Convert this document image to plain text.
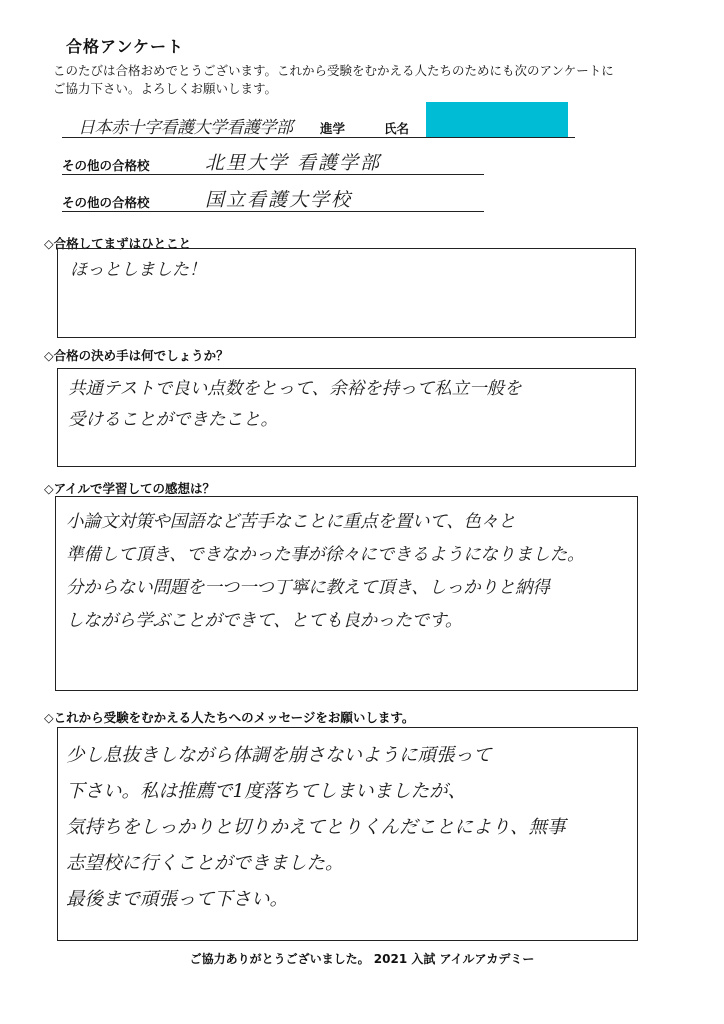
合格アンケート
このたびは合格おめでとうございます。これから受験をむかえる人たちのためにも次のアンケートに
ご協力下さい。よろしくお願いします。
日本赤十字看護大学看護学部 進学	氏名
その他の合格校	北里大学 看護学部
その他の合格校	国立看護大学校
◇合格してまずはひとこと
ほっとしました！
◇合格の決め手は何でしょうか？
共通テストで良い点数をとって、余裕を持って私立一般を
受けることができたこと。
◇アイルで学習しての感想は？
小論文対策や国語など苦手なことに重点を置いて、色々と
準備して頂き、できなかった事が徐々にできるようになりました。
分からない問題を一つ一つ丁寧に教えて頂き、しっかりと納得
しながら学ぶことができて、とても良かったです。
◇これから受験をむかえる人たちへのメッセージをお願いします。
少し息抜きしながら体調を崩さないように頑張って
下さい。私は推薦で1度落ちてしまいましたが、
気持ちをしっかりと切りかえてとりくんだことにより、無事
志望校に行くことができました。
最後まで頑張って下さい。
ご協力ありがとうございました。 2021 入試 アイルアカデミー
